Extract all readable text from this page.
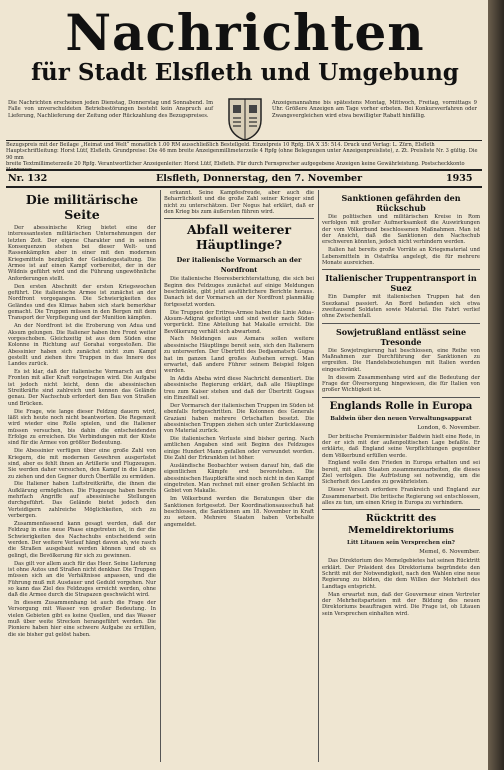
Nachrichten
für Stadt Elsfleth und Umgebung
Die Nachrichten erscheinen jeden Dienstag, Donnerstag und Sonnabend. Im Falle von unverschuldeten Betriebsstörungen besteht kein Anspruch auf Lieferung, Nachlieferung der Zeitung oder Rückzahlung des Bezugspreises.
Anzeigenannahme bis spätestens Montag, Mittwoch, Freitag, vormittags 9 Uhr. Größere Anzeigen am Tage vorher erbeten. Bei Konkursverfahren oder Zwangsvergleichen wird etwa bewilligter Rabatt hinfällig.
Bezugspreis mit der Beilage „Heimat und Welt“ monatlich 1.00 RM ausschließlich Bestellgeld. Einzelpreis 10 Rpfg. DA X 35: 514. Druck und Verlag: L. Zürn, Elsfleth
Hauptschriftleitung: Horst Lütf, Elsfleth. Grundpreise: Die 46 mm breite Anzeigenmillimeterzeile 4 Rpfg (ohne Belegungen unter Anzeigenpreisliste), z. Zt. Preisliste Nr. 3 gültig. Die 90 mm
breite Textmillimeterzeile 20 Rpfg. Verantwortlicher Anzeigenleiter: Horst Lütf, Elsfleth. Für durch Fernsprecher aufgegebene Anzeigen keine Gewährleistung. Postscheckkonto
Nr. 132	Elsfleth, Donnerstag, den 7. November	1935
Die militärische Seite

Der abessinische Krieg bietet eine der interessantesten militärischen Unternehmungen der letzten Zeit. Der eigene Charakter und in seinen Konsequenzen stehen bei dieser Welt- und Rassenkämpfen aber in einer mit den modernen Kriegsmitteln bezüglich der Geländegestaltung. Die Armee ist auf einen Kampf vorbereitet, der in der Wildnis geführt wird und die Führung ungewöhnliche Anforderungen stellt.

Den ersten Abschnitt der ersten Kriegswochen geführt. Die italienische Armee ist zunächst an der Nordfront vorgegangen. Die Schwierigkeiten des Geländes und des Klimas haben sich stark bemerkbar gemacht. Die Truppen müssen in den Bergen mit dem Transport der Verpflegung und der Munition kämpfen.

An der Nordfront ist die Eroberung von Adua und Aksum gelungen. Die Italiener haben ihre Front weiter vorgeschoben. Gleichzeitig ist aus dem Süden eine Kolonne in Richtung auf Gorahai vorgestoßen. Die Abessinier haben sich zunächst nicht zum Kampf gestellt und ziehen ihre Truppen in das Innere des Landes zurück.

Es ist klar, daß der italienische Vormarsch an drei Fronten mit aller Kraft vorgetragen wird. Die Aufgabe ist jedoch nicht leicht, denn die abessinischen Streitkräfte sind zahlreich und kennen das Gelände genau. Der Nachschub erfordert den Bau von Straßen und Brücken.

Die Frage, wie lange dieser Feldzug dauern wird, läßt sich heute noch nicht beantworten. Die Regenzeit wird wieder eine Rolle spielen, und die Italiener müssen versuchen, bis dahin die entscheidenden Erfolge zu erreichen. Die Verbindungen mit der Küste sind für die Armee von größter Bedeutung.

Die Abessinier verfügen über eine große Zahl von Kriegern, die mit modernen Gewehren ausgerüstet sind, aber es fehlt ihnen an Artillerie und Flugzeugen. Sie werden daher versuchen, den Kampf in die Länge zu ziehen und den Gegner durch Überfälle zu ermüden.

Die Italiener haben Luftstreitkräfte, die ihnen die Aufklärung ermöglichen. Die Flugzeuge haben bereits mehrfach Angriffe auf abessinische Stellungen durchgeführt. Das Gelände bietet jedoch den Verteidigern zahlreiche Möglichkeiten, sich zu verbergen.

Zusammenfassend kann gesagt werden, daß der Feldzug in eine neue Phase eingetreten ist, in der die Schwierigkeiten des Nachschubs entscheidend sein werden. Der weitere Verlauf hängt davon ab, wie rasch die Straßen ausgebaut werden können und ob es gelingt, die Bevölkerung für sich zu gewinnen.

Das gilt vor allem auch für das Heer. Seine Lieferung ist ohne Autos und Straßen nicht denkbar. Die Truppen müssen sich an die Verhältnisse anpassen, und die Führung muß mit Ausdauer und Geduld vorgehen. Nur so kann das Ziel des Feldzuges erreicht werden, ohne daß die Armee durch die Strapazen geschwächt wird.

In diesem Zusammenhang ist auch die Frage der Versorgung mit Wasser von großer Bedeutung. In vielen Gebieten gibt es keine Quellen, und das Wasser muß über weite Strecken herangeführt werden. Die Pioniere haben hier eine schwere Aufgabe zu erfüllen, die sie bisher gut gelöst haben.

erkannt. Seine Kampfesfreude, aber auch die Beharrlichkeit und die große Zahl seiner Krieger sind nicht zu unterschätzen. Der Negus hat erklärt, daß er den Krieg bis zum äußersten führen wird.

Abfall weiterer Häuptlinge?
Der italienische Vormarsch an der Nordfront

Die italienische Heeresberichterstattung, die sich bei Beginn des Feldzuges zunächst auf einige Meldungen beschränkte, gibt jetzt ausführlichere Berichte heraus. Danach ist der Vormarsch an der Nordfront planmäßig fortgesetzt worden.

Die Truppen der Eritrea-Armee haben die Linie Adua–Aksum–Adigrat gefestigt und sind weiter nach Süden vorgerückt. Eine Abteilung hat Makalle erreicht. Die Bevölkerung verhält sich abwartend.

Nach Meldungen aus Asmara sollen weitere abessinische Häuptlinge bereit sein, sich den Italienern zu unterwerfen. Der Übertritt des Dedjasmatsch Gugsa hat im ganzen Land großes Aufsehen erregt. Man erwartet, daß andere Führer seinem Beispiel folgen werden.

In Addis Abeba wird diese Nachricht dementiert. Die abessinische Regierung erklärt, daß alle Häuptlinge treu zum Kaiser stehen und daß der Übertritt Gugsas ein Einzelfall sei.

Der Vormarsch der italienischen Truppen im Süden ist ebenfalls fortgeschritten. Die Kolonnen des Generals Graziani haben mehrere Ortschaften besetzt. Die abessinischen Truppen ziehen sich unter Zurücklassung von Material zurück.

Die italienischen Verluste sind bisher gering. Nach amtlichen Angaben sind seit Beginn des Feldzuges einige Hundert Mann gefallen oder verwundet worden. Die Zahl der Erkrankten ist höher.

Ausländische Beobachter weisen darauf hin, daß die eigentlichen Kämpfe erst bevorstehen. Die abessinischen Hauptkräfte sind noch nicht in den Kampf eingetreten. Man rechnet mit einer großen Schlacht im Gebiet von Makalle.

Im Völkerbund werden die Beratungen über die Sanktionen fortgesetzt. Der Koordinationsausschuß hat beschlossen, die Sanktionen am 18. November in Kraft zu setzen. Mehrere Staaten haben Vorbehalte angemeldet.

Sanktionen gefährden den Rückschub

Die politischen und militärischen Kreise in Rom verfolgen mit großer Aufmerksamkeit die Auswirkungen der vom Völkerbund beschlossenen Maßnahmen. Man ist der Ansicht, daß die Sanktionen den Nachschub erschweren könnten, jedoch nicht verhindern werden.

Italien hat bereits große Vorräte an Kriegsmaterial und Lebensmitteln in Ostafrika angelegt, die für mehrere Monate ausreichen.

Italienischer Truppentransport in Suez

Ein Dampfer mit italienischen Truppen hat den Suezkanal passiert. An Bord befanden sich etwa zweitausend Soldaten sowie Material. Die Fahrt verlief ohne Zwischenfall.

Sowjetrußland entlässt seine Tresonde

Die Sowjetregierung hat beschlossen, eine Reihe von Maßnahmen zur Durchführung der Sanktionen zu ergreifen. Die Handelsbeziehungen mit Italien werden eingeschränkt.

In diesem Zusammenhang wird auf die Bedeutung der Frage der Ölversorgung hingewiesen, die für Italien von großer Wichtigkeit ist.

Englands Rolle in Europa
Baldwin über den neuen Verwaltungsapparat
London, 6. November.

Der britische Premierminister Baldwin hielt eine Rede, in der er sich mit der außenpolitischen Lage befaßte. Er erklärte, daß England seine Verpflichtungen gegenüber dem Völkerbund erfüllen werde.

England wolle den Frieden in Europa erhalten und sei bereit, mit allen Staaten zusammenzuarbeiten, die dieses Ziel verfolgen. Die Aufrüstung sei notwendig, um die Sicherheit des Landes zu gewährleisten.

Dieser Versuch erfordere Frankreich und England zur Zusammenarbeit. Die britische Regierung sei entschlossen, alles zu tun, um einen Krieg in Europa zu verhindern.

Rücktritt des Memeldirektoriums
Litt Litauen sein Versprechen ein?
Memel, 6. November.

Das Direktorium des Memelgebietes hat seinen Rücktritt erklärt. Der Präsident des Direktoriums begründete den Schritt mit der Notwendigkeit, nach den Wahlen eine neue Regierung zu bilden, die dem Willen der Mehrheit des Landtags entspricht.

Man erwartet nun, daß der Gouverneur einen Vertreter der Mehrheitsparteien mit der Bildung des neuen Direktoriums beauftragen wird. Die Frage ist, ob Litauen sein Versprechen einhalten wird.
